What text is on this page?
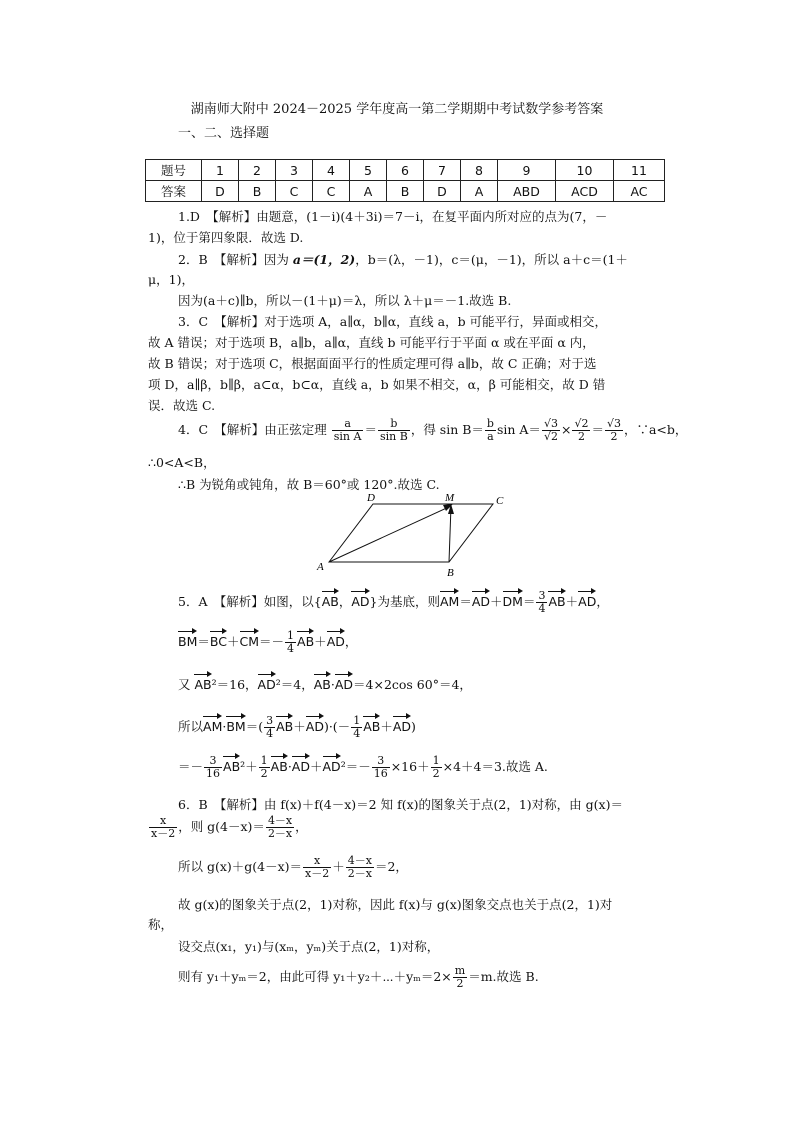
湖南师大附中 2024－2025 学年度高一第二学期期中考试数学参考答案
一、二、选择题
题号	1	2	3	4	5	6	7	8	9	10	11
答案	D	B	C	C	A	B	D	A	ABD	ACD	AC
1.D　【解析】由题意，(1－i)(4＋3i)＝7－i，在复平面内所对应的点为(7，－
1)，位于第四象限．故选 D.
2．B　【解析】因为 a＝(1，2)，b＝(λ，－1)，c＝(μ，－1)，所以 a＋c＝(1＋
μ，1)，
因为(a＋c)∥b，所以－(1＋μ)＝λ，所以 λ＋μ＝－1.故选 B.
3．C　【解析】对于选项 A，a∥α，b∥α，直线 a，b 可能平行，异面或相交，
故 A 错误；对于选项 B，a∥b，a∥α，直线 b 可能平行于平面 α 或在平面 α 内，
故 B 错误；对于选项 C，根据面面平行的性质定理可得 a∥b，故 C 正确；对于选
项 D，a∥β，b∥β，a⊂α，b⊂α，直线 a，b 如果不相交，α，β 可能相交，故 D 错
误．故选 C.
4．C　【解析】由正弦定理 $\frac{a}{\text{sin A}} = \frac{b}{\text{sin B}}$ ，得 $\sin B= \frac{b}{a}$ $\sin A= \frac{√3}{√2} \times \frac{√2}{2} = \frac{√3}{2}$ ，∵a<b，
∴0<A<B，
∴B 为锐角或钝角，故 B＝60°或 120°.故选 C.
A	B
C
D	M
5．A　【解析】如图，以{AB，AD}为基底，则$AM=AD+DM= \frac{3}{4} AB+AD$，
$BM=BC+CM=- \frac{1}{4} AB+AD$，
又 AB²＝16，AD²＝4，AB·AD＝4×2cos 60°＝4，
所以$AM\cdot BM=( \frac{3}{4} AB+AD)\cdot(- \frac{1}{4} AB+AD)$
＝－ $\frac{3}{16} AB^2+ \frac{1}{2} AB\cdot AD+AD^2=- \frac{3}{16} \times 16+ \frac{1}{2} \times 4+4=3$.故选 A.
6．B　【解析】由 f(x)＋f(4－x)＝2 知 f(x)的图象关于点(2，1)对称，由 g(x)＝
$\frac{x}{x-2}$ ，则 $g(4-x)= \frac{4-x}{2-x}$ ，
所以 $g(x)+g(4-x)= \frac{x}{x-2} + \frac{4-x}{2-x} =2$，
故 g(x)的图象关于点(2，1)对称，因此 f(x)与 g(x)图象交点也关于点(2，1)对
称，
设交点(x₁，y₁)与(xₘ，yₘ)关于点(2，1)对称，
则有 y₁＋yₘ＝2，由此可得 y₁＋y₂＋⋯＋yₘ＝2× $\frac{m}{2} =m$.故选 B.
